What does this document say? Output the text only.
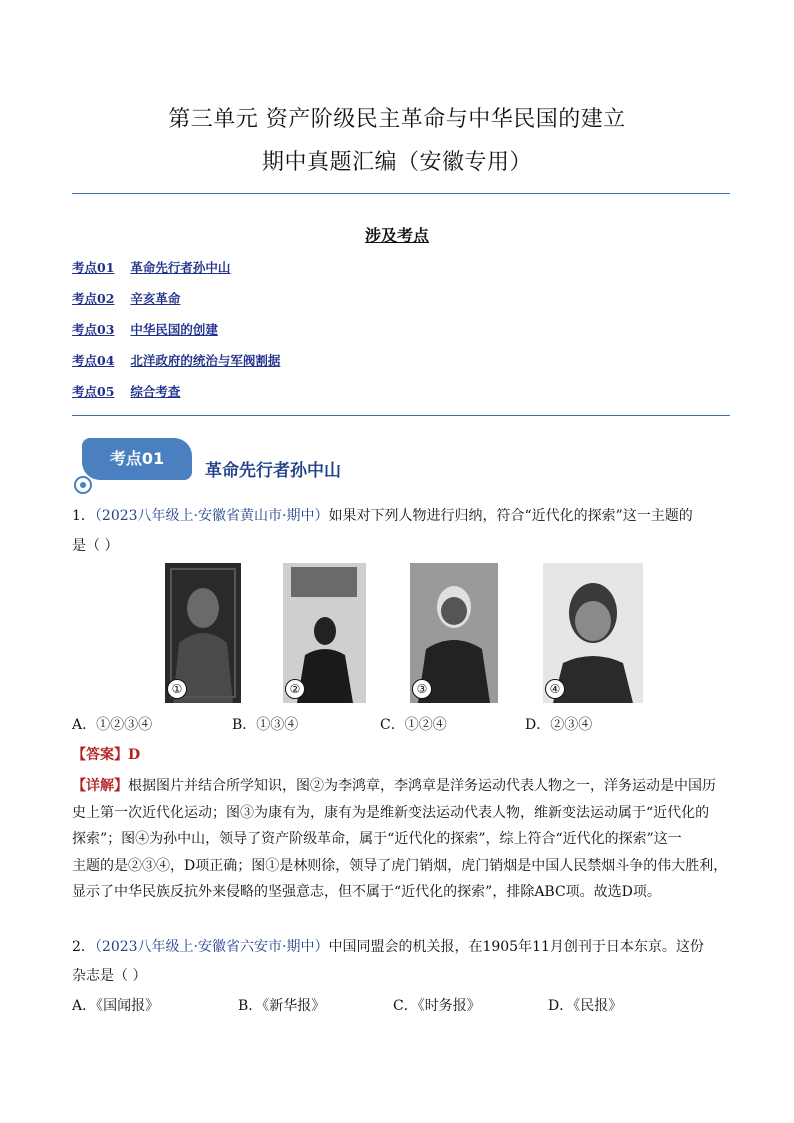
第三单元 资产阶级民主革命与中华民国的建立
期中真题汇编（安徽专用）
涉及考点
考点01 革命先行者孙中山
考点02 辛亥革命
考点03 中华民国的创建
考点04 北洋政府的统治与军阀割据
考点05 综合考查
考点01
革命先行者孙中山
1．（2023八年级上·安徽省黄山市·期中）如果对下列人物进行归纳，符合“近代化的探索”这一主题的
是（ ）
①	②	③	④
A．①②③④	B．①③④	C．①②④	D．②③④
【答案】D
【详解】根据图片并结合所学知识，图②为李鸿章，李鸿章是洋务运动代表人物之一，洋务运动是中国历
史上第一次近代化运动；图③为康有为，康有为是维新变法运动代表人物，维新变法运动属于“近代化的
探索”；图④为孙中山，领导了资产阶级革命，属于“近代化的探索”，综上符合“近代化的探索”这一
主题的是②③④，D项正确；图①是林则徐，领导了虎门销烟，虎门销烟是中国人民禁烟斗争的伟大胜利，
显示了中华民族反抗外来侵略的坚强意志，但不属于“近代化的探索”，排除ABC项。故选D项。
2．（2023八年级上·安徽省六安市·期中）中国同盟会的机关报，在1905年11月创刊于日本东京。这份
杂志是（ ）
A．《国闻报》	B．《新华报》	C．《时务报》	D．《民报》
